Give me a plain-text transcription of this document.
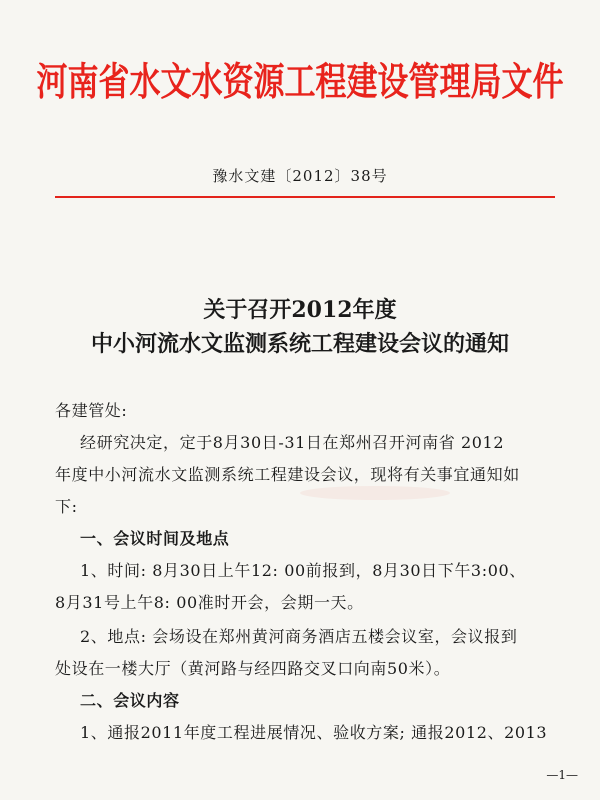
河南省水文水资源工程建设管理局文件
豫水文建〔2012〕38号
关于召开2012年度
中小河流水文监测系统工程建设会议的通知
各建管处:
经研究决定，定于8月30日-31日在郑州召开河南省 2012
年度中小河流水文监测系统工程建设会议，现将有关事宜通知如
下:
一、会议时间及地点
1、时间: 8月30日上午12: 00前报到，8月30日下午3:00、
8月31号上午8: 00准时开会，会期一天。
2、地点: 会场设在郑州黄河商务酒店五楼会议室，会议报到
处设在一楼大厅（黄河路与经四路交叉口向南50米）。
二、会议内容
1、通报2011年度工程进展情况、验收方案; 通报2012、2013
—1—
